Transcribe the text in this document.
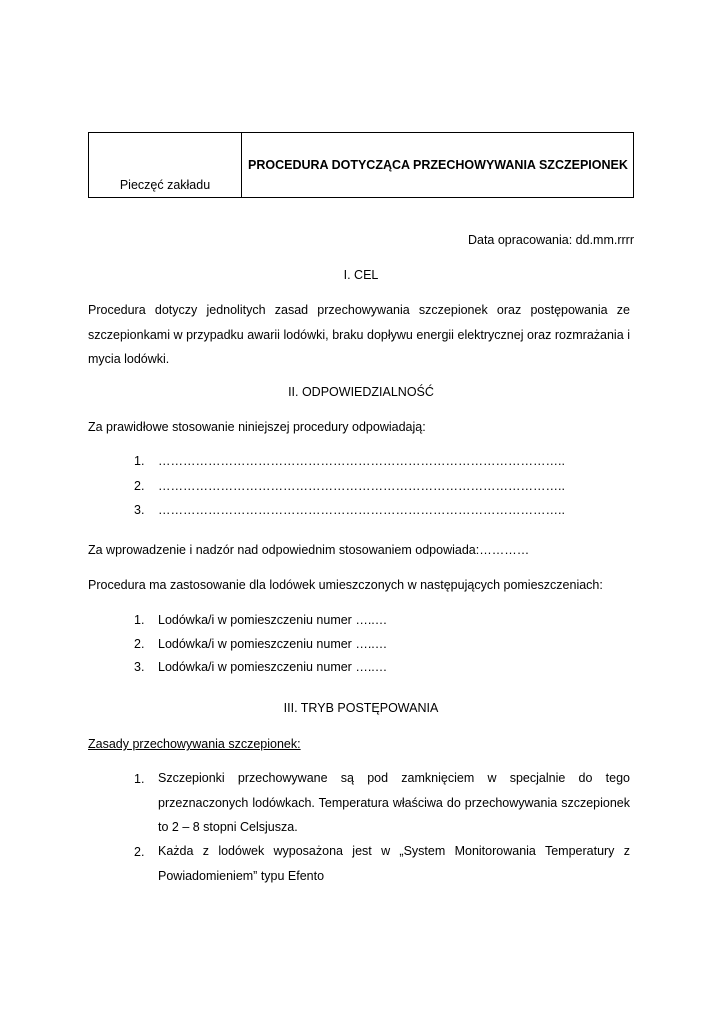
Pieczęć zakładu
PROCEDURA DOTYCZĄCA PRZECHOWYWANIA SZCZEPIONEK
Data opracowania: dd.mm.rrrr
I. CEL
Procedura dotyczy jednolitych zasad przechowywania szczepionek oraz postępowania ze szczepionkami w przypadku awarii lodówki, braku dopływu energii elektrycznej oraz rozmrażania i mycia lodówki.
II. ODPOWIEDZIALNOŚĆ
Za prawidłowe stosowanie niniejszej procedury odpowiadają:
1. ……………………………………………………………………………………..
2. ……………………………………………………………………………………..
3. ……………………………………………………………………………………..
Za wprowadzenie i nadzór nad odpowiednim stosowaniem odpowiada:…………
Procedura ma zastosowanie dla lodówek umieszczonych w następujących pomieszczeniach:
1. Lodówka/i w pomieszczeniu numer …..…
2. Lodówka/i w pomieszczeniu numer …..…
3. Lodówka/i w pomieszczeniu numer …..…
III. TRYB POSTĘPOWANIA
Zasady przechowywania szczepionek:
1. Szczepionki przechowywane są pod zamknięciem w specjalnie do tego przeznaczonych lodówkach. Temperatura właściwa do przechowywania szczepionek to 2 – 8 stopni Celsjusza.
2. Każda z lodówek wyposażona jest w „System Monitorowania Temperatury z Powiadomieniem” typu Efento
